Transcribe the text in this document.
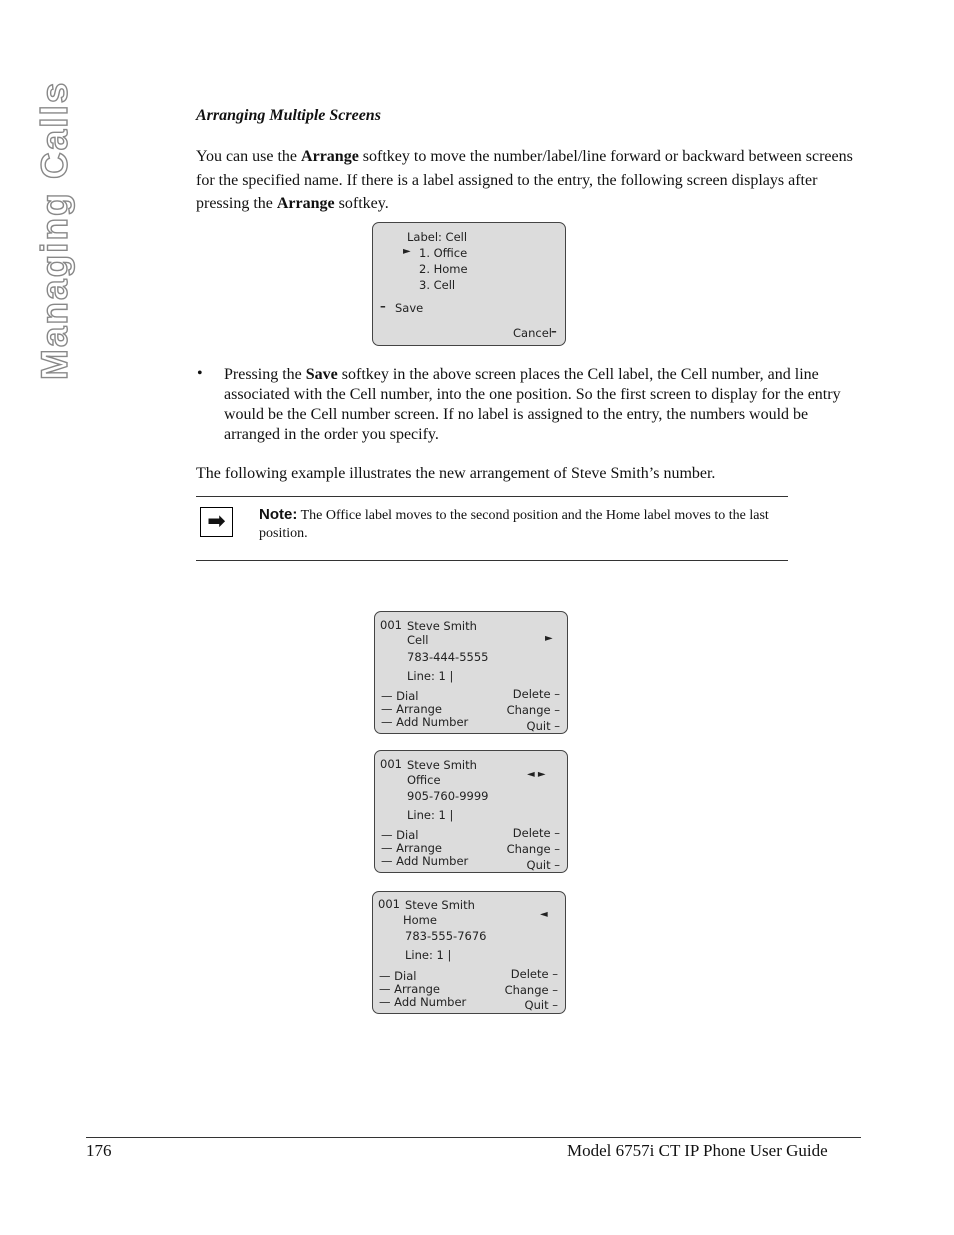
Managing Calls	Arranging Multiple Screens
You can use the Arrange softkey to move the number/label/line forward or backward between screens for the specified name. If there is a label assigned to the entry, the following screen displays after pressing the Arrange softkey.
Label: Cell
► 1. Office
2. Home
3. Cell
– Save
Cancel –
• Pressing the Save softkey in the above screen places the Cell label, the Cell number, and line associated with the Cell number, into the one position. So the first screen to display for the entry would be the Cell number screen. If no label is assigned to the entry, the numbers would be arranged in the order you specify.
The following example illustrates the new arrangement of Steve Smith’s number.
➡	Note: The Office label moves to the second position and the Home label moves to the last position.
001 Steve Smith
Cell	►
783-444-5555
Line: 1 |
— Dial
— Arrange
— Add Number
Delete –
Change –
Quit –
001 Steve Smith
Office	◄ ►
905-760-9999
Line: 1 |
— Dial
— Arrange
— Add Number
Delete –
Change –
Quit –
001 Steve Smith
Home	◄
783-555-7676
Line: 1 |
— Dial
— Arrange
— Add Number
Delete –
Change –
Quit –
176	Model 6757i CT IP Phone User Guide
